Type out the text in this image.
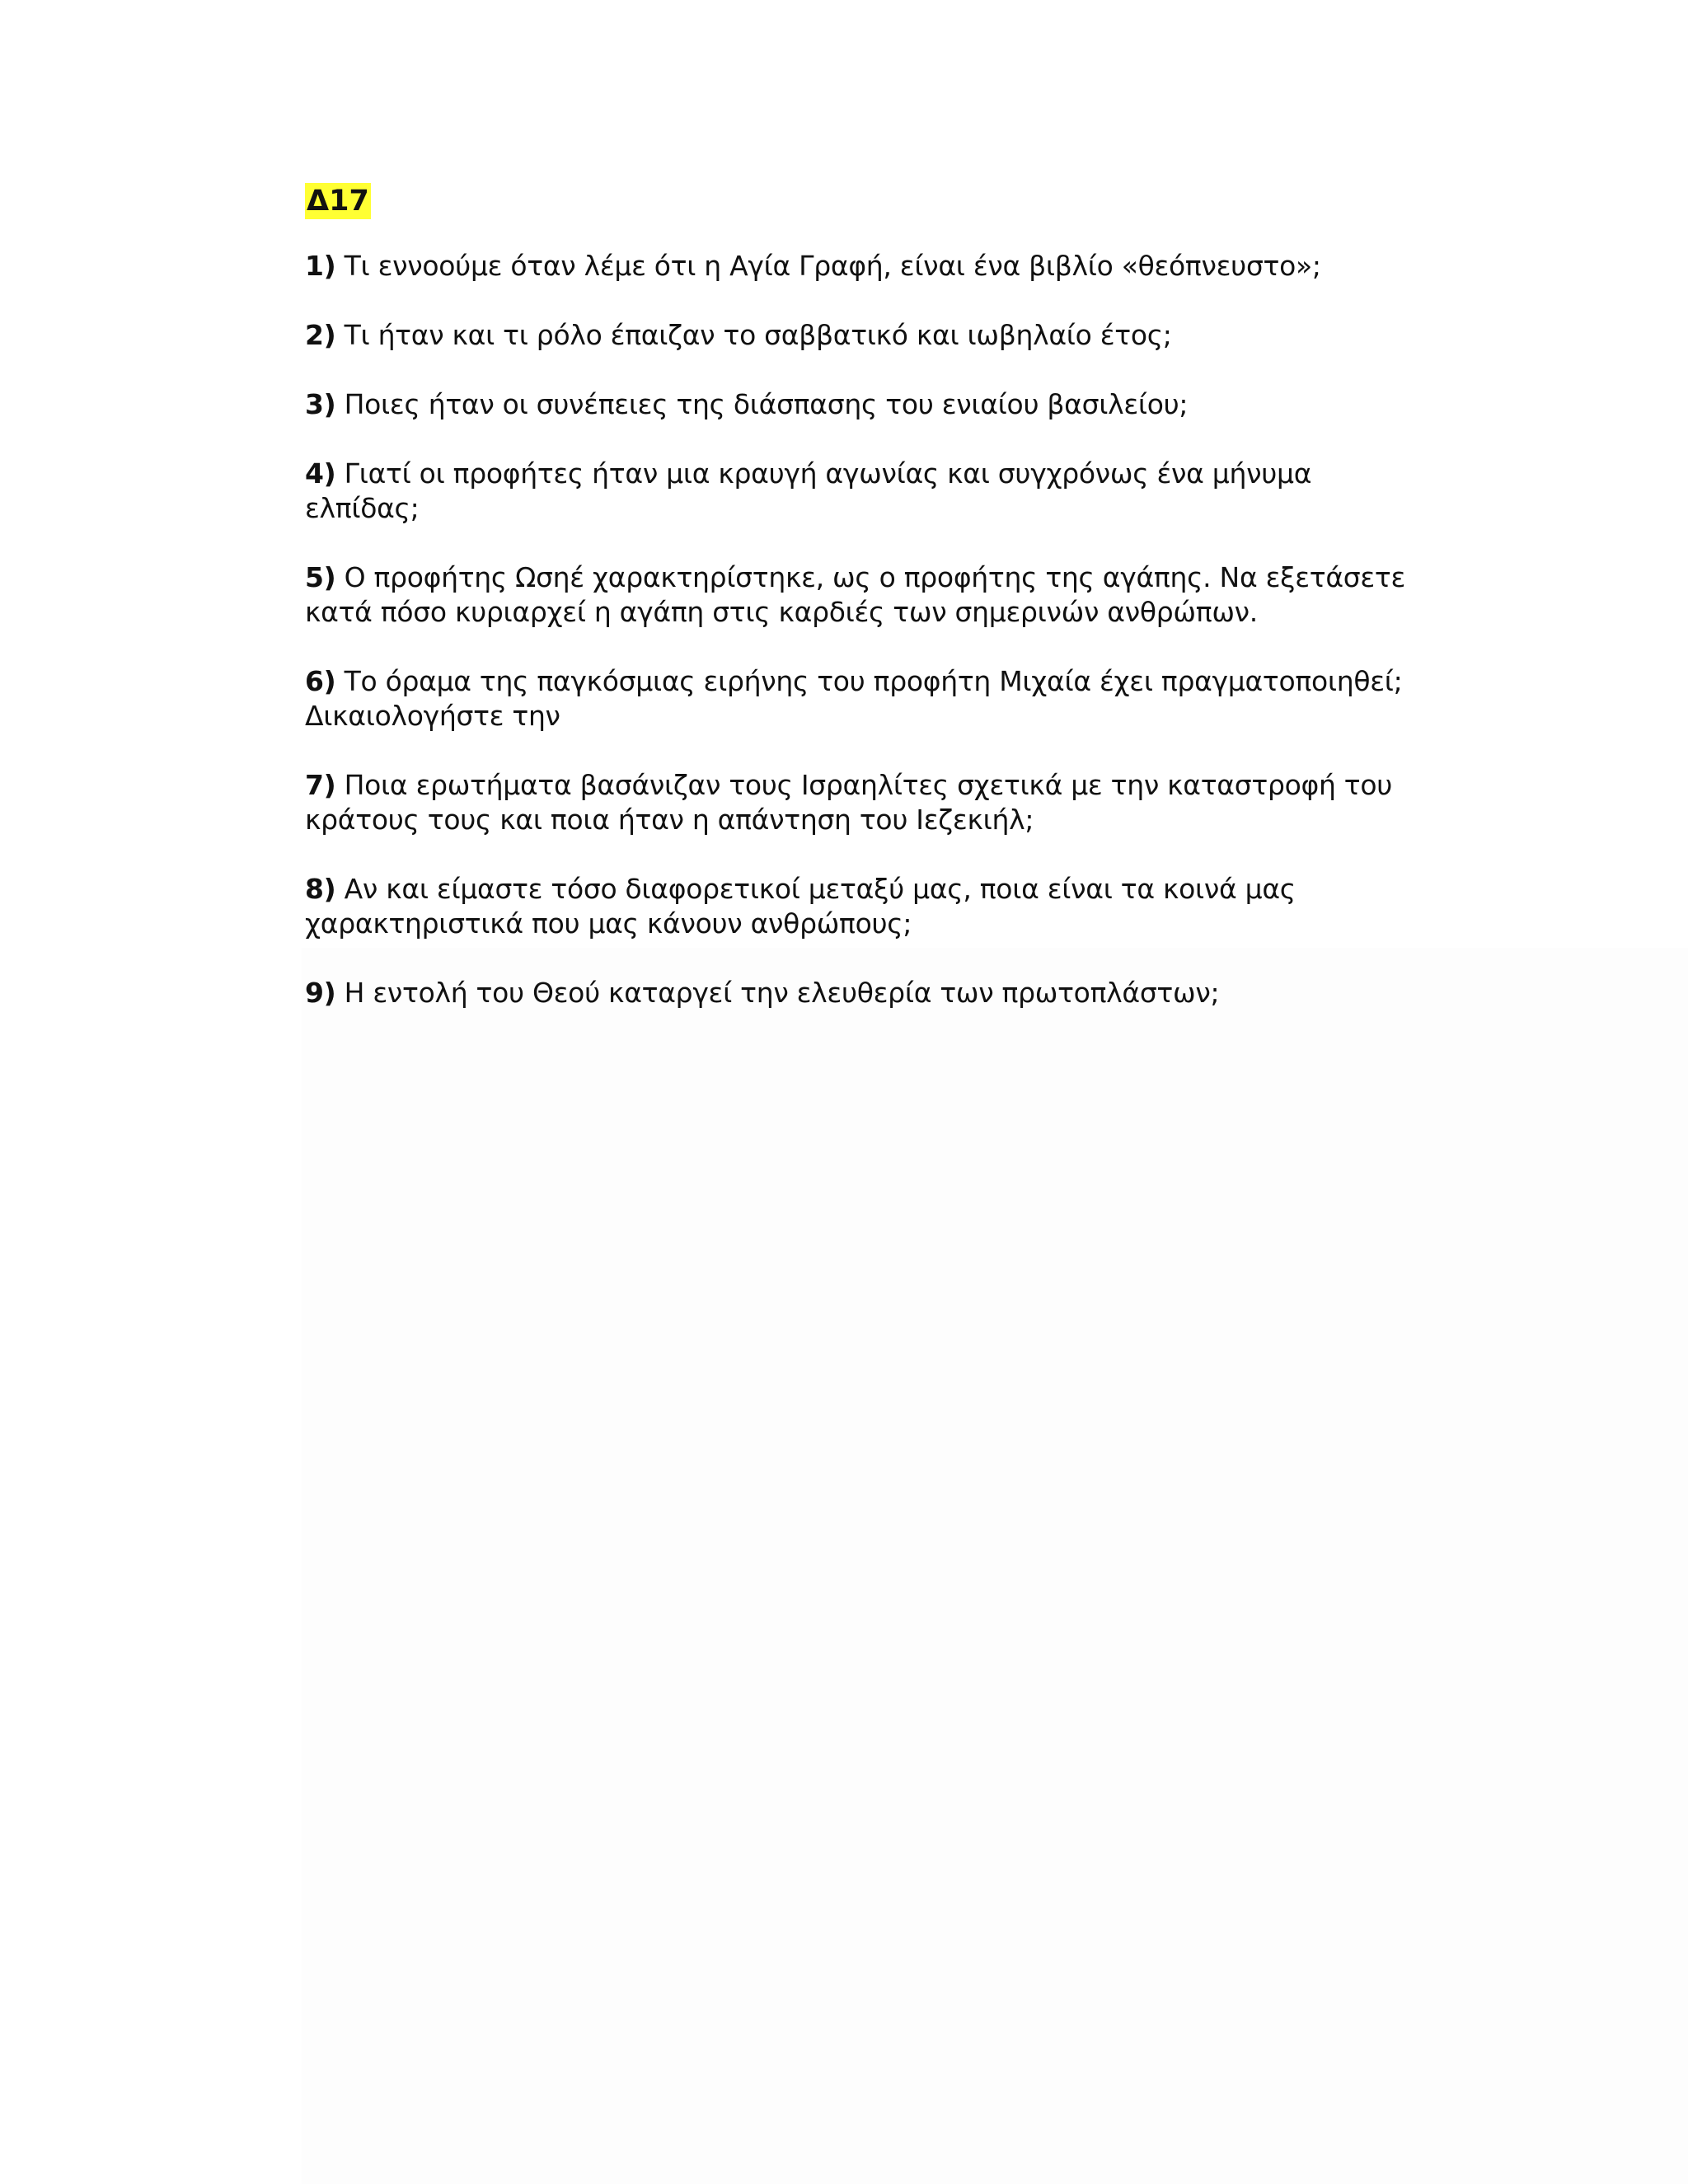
Δ17
1) Τι εννοούμε όταν λέμε ότι η Αγία Γραφή, είναι ένα βιβλίο «θεόπνευστο»;
2) Τι ήταν και τι ρόλο έπαιζαν το σαββατικό και ιωβηλαίο έτος;
3) Ποιες ήταν οι συνέπειες της διάσπασης του ενιαίου βασιλείου;
4) Γιατί οι προφήτες ήταν μια κραυγή αγωνίας και συγχρόνως ένα μήνυμα ελπίδας;
5) Ο προφήτης Ωσηέ χαρακτηρίστηκε, ως ο προφήτης της αγάπης. Να εξετάσετε κατά πόσο κυριαρχεί η αγάπη στις καρδιές των σημερινών ανθρώπων.
6) Το όραμα της παγκόσμιας ειρήνης του προφήτη Μιχαία έχει πραγματοποιηθεί; Δικαιολογήστε την
7) Ποια ερωτήματα βασάνιζαν τους Ισραηλίτες σχετικά με την καταστροφή του κράτους τους και ποια ήταν η απάντηση του Ιεζεκιήλ;
8) Αν και είμαστε τόσο διαφορετικοί μεταξύ μας, ποια είναι τα κοινά μας χαρακτηριστικά που μας κάνουν ανθρώπους;
9) Η εντολή του Θεού καταργεί την ελευθερία των πρωτοπλάστων;
